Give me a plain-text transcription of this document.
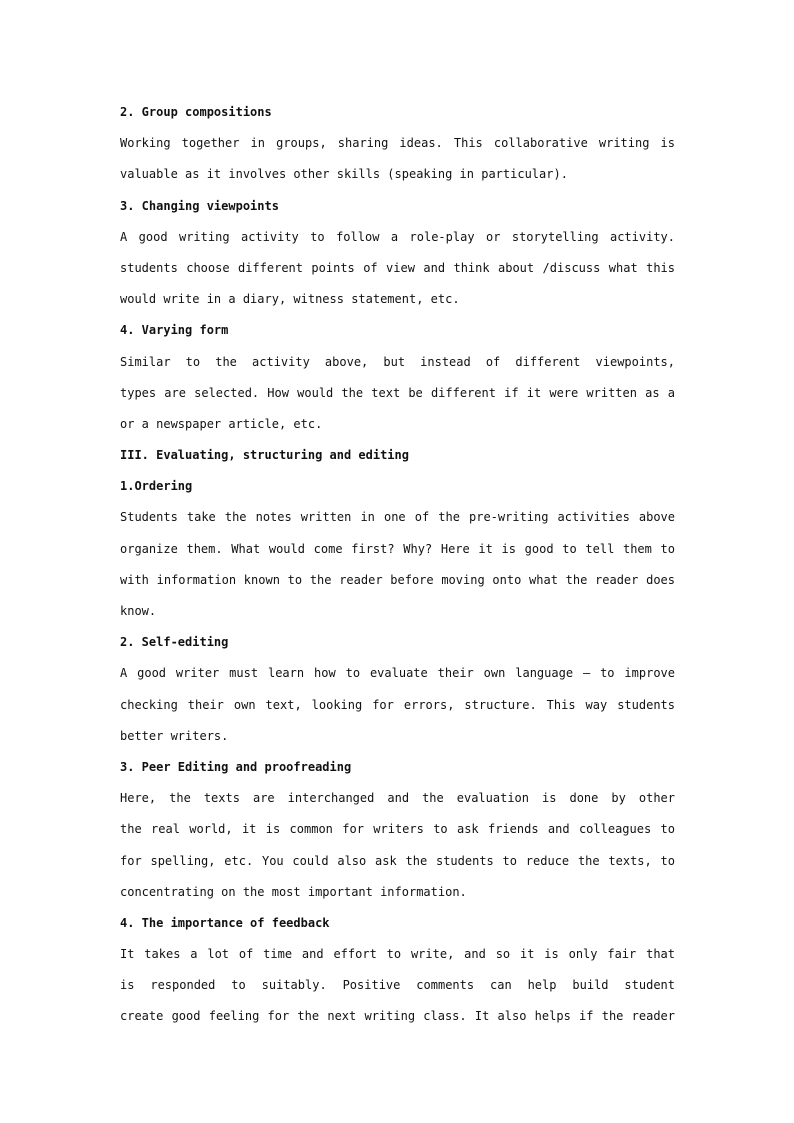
2. Group compositions
Working together in groups, sharing ideas. This collaborative writing is
valuable as it involves other skills (speaking in particular).
3. Changing viewpoints
A good writing activity to follow a role-play or storytelling activity.
students choose different points of view and think about /discuss what this
would write in a diary, witness statement, etc.
4. Varying form
Similar to the activity above, but instead of different viewpoints,
types are selected. How would the text be different if it were written as a
or a newspaper article, etc.
III. Evaluating, structuring and editing
1.Ordering
Students take the notes written in one of the pre-writing activities above
organize them. What would come first? Why? Here it is good to tell them to
with information known to the reader before moving onto what the reader does
know.
2. Self-editing
A good writer must learn how to evaluate their own language — to improve
checking their own text, looking for errors, structure. This way students
better writers.
3. Peer Editing and proofreading
Here, the texts are interchanged and the evaluation is done by other
the real world, it is common for writers to ask friends and colleagues to
for spelling, etc. You could also ask the students to reduce the texts, to
concentrating on the most important information.
4. The importance of feedback
It takes a lot of time and effort to write, and so it is only fair that
is responded to suitably. Positive comments can help build student
create good feeling for the next writing class. It also helps if the reader
